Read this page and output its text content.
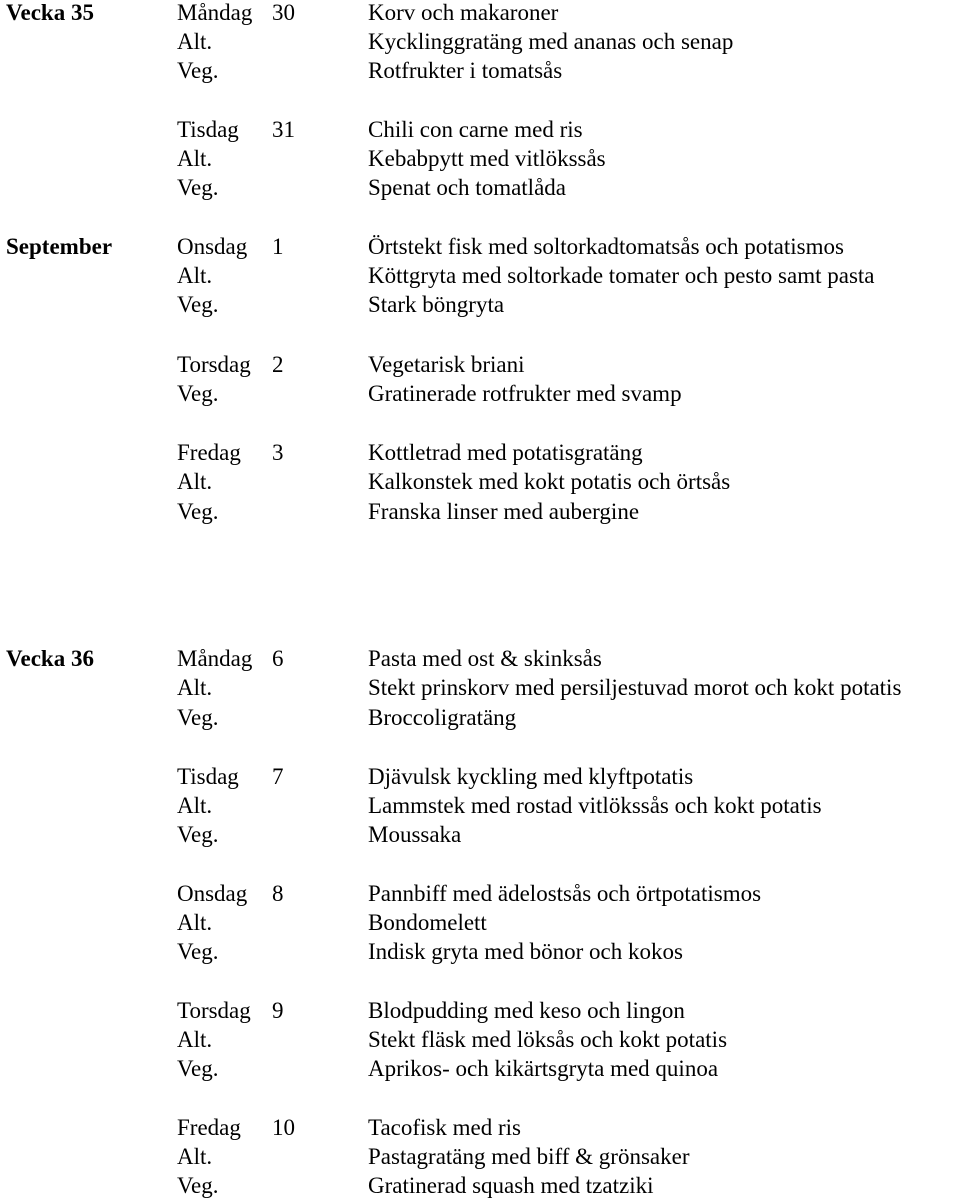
Vecka 35	Måndag 30	Korv och makaroner
Alt.	Kycklinggratäng med ananas och senap
Veg.	Rotfrukter i tomatsås
Tisdag 31	Chili con carne med ris
Alt.	Kebabpytt med vitlökssås
Veg.	Spenat och tomatlåda
September	Onsdag 1	Örtstekt fisk med soltorkadtomatsås och potatismos
Alt.	Köttgryta med soltorkade tomater och pesto samt pasta
Veg.	Stark böngryta
Torsdag 2	Vegetarisk briani
Veg.	Gratinerade rotfrukter med svamp
Fredag 3	Kottletrad med potatisgratäng
Alt.	Kalkonstek med kokt potatis och örtsås
Veg.	Franska linser med aubergine
Vecka 36	Måndag 6	Pasta med ost & skinksås
Alt.	Stekt prinskorv med persiljestuvad morot och kokt potatis
Veg.	Broccoligratäng
Tisdag 7	Djävulsk kyckling med klyftpotatis
Alt.	Lammstek med rostad vitlökssås och kokt potatis
Veg.	Moussaka
Onsdag 8	Pannbiff med ädelostsås och örtpotatismos
Alt.	Bondomelett
Veg.	Indisk gryta med bönor och kokos
Torsdag 9	Blodpudding med keso och lingon
Alt.	Stekt fläsk med löksås och kokt potatis
Veg.	Aprikos- och kikärtsgryta med quinoa
Fredag 10	Tacofisk med ris
Alt.	Pastagratäng med biff & grönsaker
Veg.	Gratinerad squash med tzatziki
